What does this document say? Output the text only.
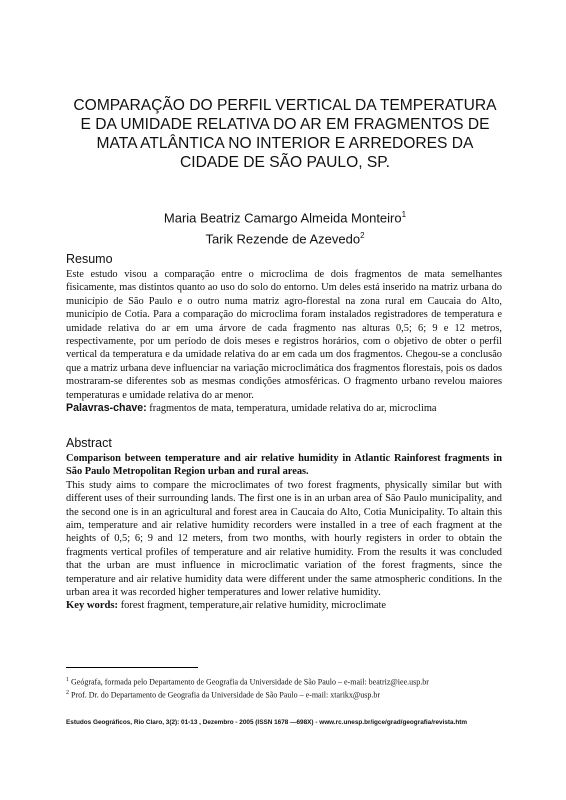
COMPARAÇÃO DO PERFIL VERTICAL DA TEMPERATURA E DA UMIDADE RELATIVA DO AR EM FRAGMENTOS DE MATA ATLÂNTICA NO INTERIOR E ARREDORES DA CIDADE DE SÃO PAULO, SP.
Maria Beatriz Camargo Almeida Monteiro$^1$
Tarik Rezende de Azevedo$^2$
Resumo

Este estudo visou a comparação entre o microclima de dois fragmentos de mata semelhantes fisicamente, mas distintos quanto ao uso do solo do entorno. Um deles está inserido na matriz urbana do município de São Paulo e o outro numa matriz agro-florestal na zona rural em Caucaia do Alto, município de Cotia. Para a comparação do microclima foram instalados registradores de temperatura e umidade relativa do ar em uma árvore de cada fragmento nas alturas 0,5; 6; 9 e 12 metros, respectivamente, por um período de dois meses e registros horários, com o objetivo de obter o perfil vertical da temperatura e da umidade relativa do ar em cada um dos fragmentos. Chegou-se a conclusão que a matriz urbana deve influenciar na variação microclimática dos fragmentos florestais, pois os dados mostraram-se diferentes sob as mesmas condições atmosféricas. O fragmento urbano revelou maiores temperaturas e umidade relativa do ar menor.

Palavras-chave: fragmentos de mata, temperatura, umidade relativa do ar, microclima

Abstract

Comparison between temperature and air relative humidity in Atlantic Rainforest fragments in São Paulo Metropolitan Region urban and rural areas.

This study aims to compare the microclimates of two forest fragments, physically similar but with different uses of their surrounding lands. The first one is in an urban area of São Paulo municipality, and the second one is in an agricultural and forest area in Caucaia do Alto, Cotia Municipality. To altain this aim, temperature and air relative humidity recorders were installed in a tree of each fragment at the heights of 0,5; 6; 9 and 12 meters, from two months, with hourly registers in order to obtain the fragments vertical profiles of temperature and air relative humidity. From the results it was concluded that the urban are must influence in microclimatic variation of the forest fragments, since the temperature and air relative humidity data were different under the same atmospheric conditions. In the urban area it was recorded higher temperatures and lower relative humidity.

Key words: forest fragment, temperature,air relative humidity, microclimate

$^1$ Geógrafa, formada pelo Departamento de Geografia da Universidade de São Paulo – e-mail: beatriz@iee.usp.br
$^2$ Prof. Dr. do Departamento de Geografia da Universidade de São Paulo – e-mail: xtarikx@usp.br
Estudos Geográficos, Rio Claro, 3(2): 01-13 , Dezembro - 2005 (ISSN 1678 —698X) - www.rc.unesp.br/igce/grad/geografia/revista.htm
